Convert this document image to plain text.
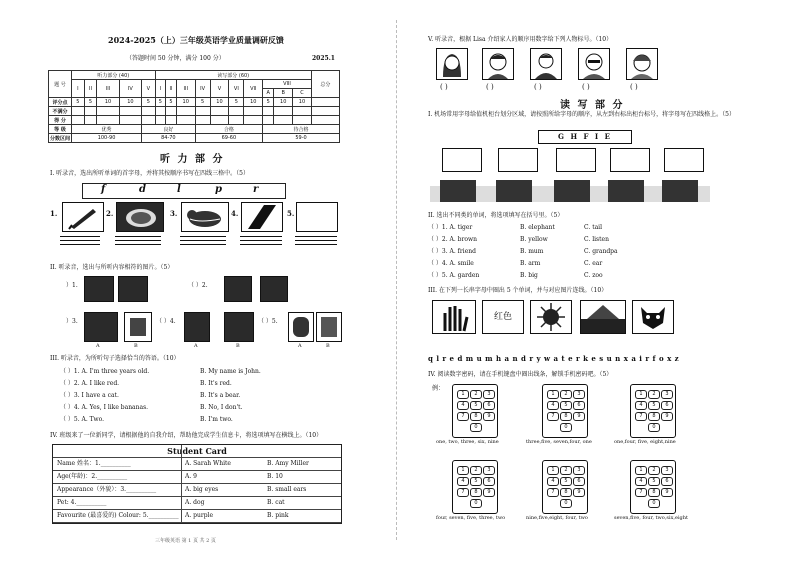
2024-2025（上）三年级英语学业质量调研反馈
（答题时间 50 分钟，满分 100 分）	2025.1
题 号	听力部分 (40)					读写部分 (60)										总分
	I	II	III	IV	V	I	II	III	IV	V	VI	VII	VIII			
													A	B	C	
评分点	5	5	10	10	5	5	5	10	5	10	5	10	5	10	10	
不满分																
得 分																
等 级	优秀				良好				合格				待合格			
分数区间	100-90				84-70				69-60				59-0			
听 力 部 分
I. 听录音，选出所听单词的首字母，并将其按顺序书写在四线三格中。（5）
f	d	l	p	r
1.	2.	3.	4.	5.
II. 听录音，选出与所听内容相符的图片。（5）
）1.	（ ）2.
）3.	（ ）4.	（ ）5.
A	B	A	B	A	B
III. 听录音，为所听句子选择恰当的答语。（10）
（ ）1. A. I'm three years old.	B. My name is John.
（ ）2. A. I like red.	B. It's red.
（ ）3. I have a cat.	B. It's a bear.
（ ）4. A. Yes, I like bananas.	B. No, I don't.
（ ）5. A. Two.	B. I'm two.
IV. 班级来了一位新同学，请根据他的自我介绍，帮助他完成学生信息卡，将选项填写在横线上。（10）
Student Card
Name 姓名：1.__________	A. Sarah White	B. Amy Miller
Age(年龄)：2.__________	A. 9	B. 10
Appearance（外貌）：3.__________	A. big eyes	B. small ears
Pet: 4.__________	A. dog	B. cat
Favourite (最喜爱的) Colour: 5.__________ A. purple	B. pink
三年级英语 第 1 页 共 2 页
V. 听录音，根据 Lisa 介绍家人的顺序用数字给下列人物标号。（10）
( )	( )	( )	( )	( )
读 写 部 分
I. 机场常用字母给值机柜台划分区域，请按照所给字母的顺序，从左到右标出柜台标号，将字母写在四线格上。（5）
G H F I E
II. 选出不同类的单词，将选项填写在括号里。（5）
（ ）1. A. tiger	B. elephant	C. tail
（ ）2. A. brown	B. yellow	C. listen
（ ）3. A. friend	B. mum	C. grandpa
（ ）4. A. smile	B. arm	C. ear
（ ）5. A. garden	B. big	C. zoo
III. 在下列一长串字母中圈出 5 个单词，并与对应图片连线。（10）
红色
q l r e d m u m h a n d r y w a t e r k e s u n x a i r f o x z
IV. 阅读数字密码，请在手机键盘中圈出线条，解锁手机密码吧。（5）
例：
1	2	3
4	5	6
7	8	9
0
one, two, three, six, nine
1	2	3
4	5	6
7	8	9
0
three,five, seven,four, one
1	2	3
4	5	6
7	8	9
0
one,four, five, eight,nine
1	2	3
4	5	6
7	8	9
0
four, seven, five, three, two
1	2	3
4	5	6
7	8	9
0
nine,five,eight, four, two
1	2	3
4	5	6
7	8	9
0
seven,five, four, two,six,eight
